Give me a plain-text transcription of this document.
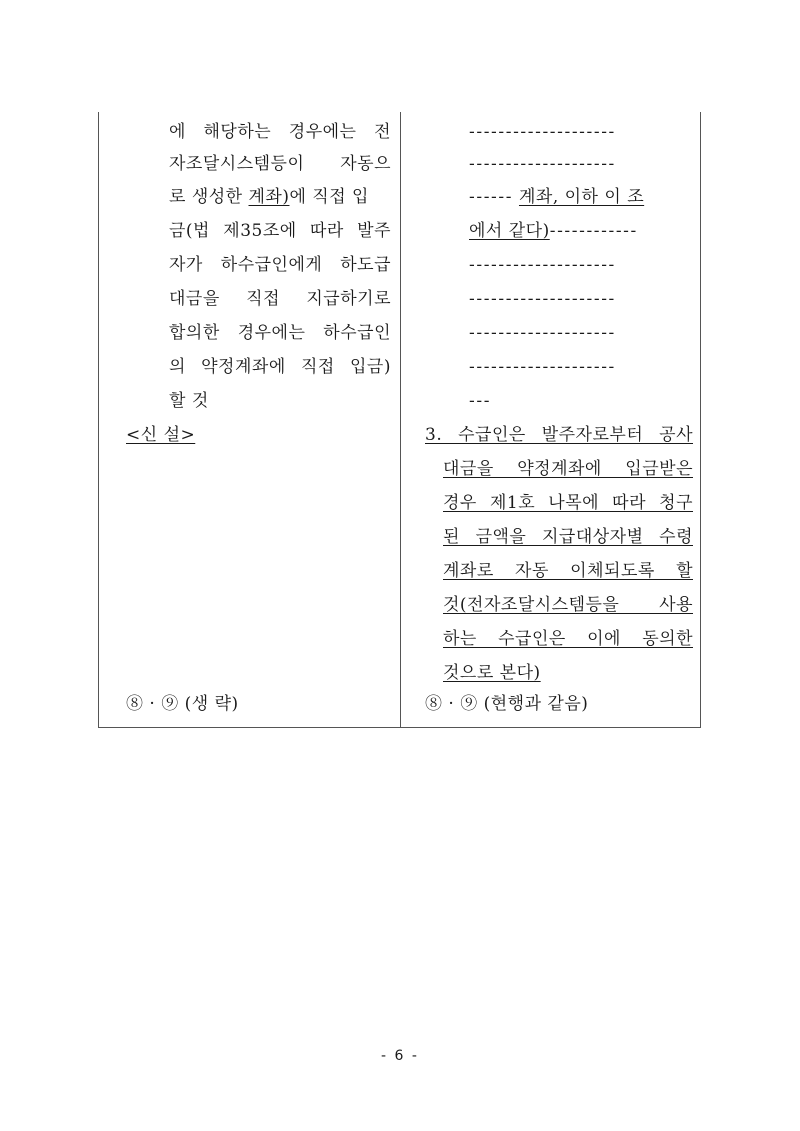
에 해당하는 경우에는 전
자조달시스템등이 자동으
로 생성한 계좌)에 직접 입
금(법 제35조에 따라 발주
자가 하수급인에게 하도급
대금을 직접 지급하기로
합의한 경우에는 하수급인
의 약정계좌에 직접 입금)
할 것
<신 설>
⑧ · ⑨ (생 략)
--------------------
--------------------
------ 계좌, 이하 이 조
에서 같다)------------
--------------------
--------------------
--------------------
--------------------
---
3. 수급인은 발주자로부터 공사
대금을 약정계좌에 입금받은
경우 제1호 나목에 따라 청구
된 금액을 지급대상자별 수령
계좌로 자동 이체되도록 할
것(전자조달시스템등을 사용
하는 수급인은 이에 동의한
것으로 본다)
⑧ · ⑨ (현행과 같음)
- 6 -
